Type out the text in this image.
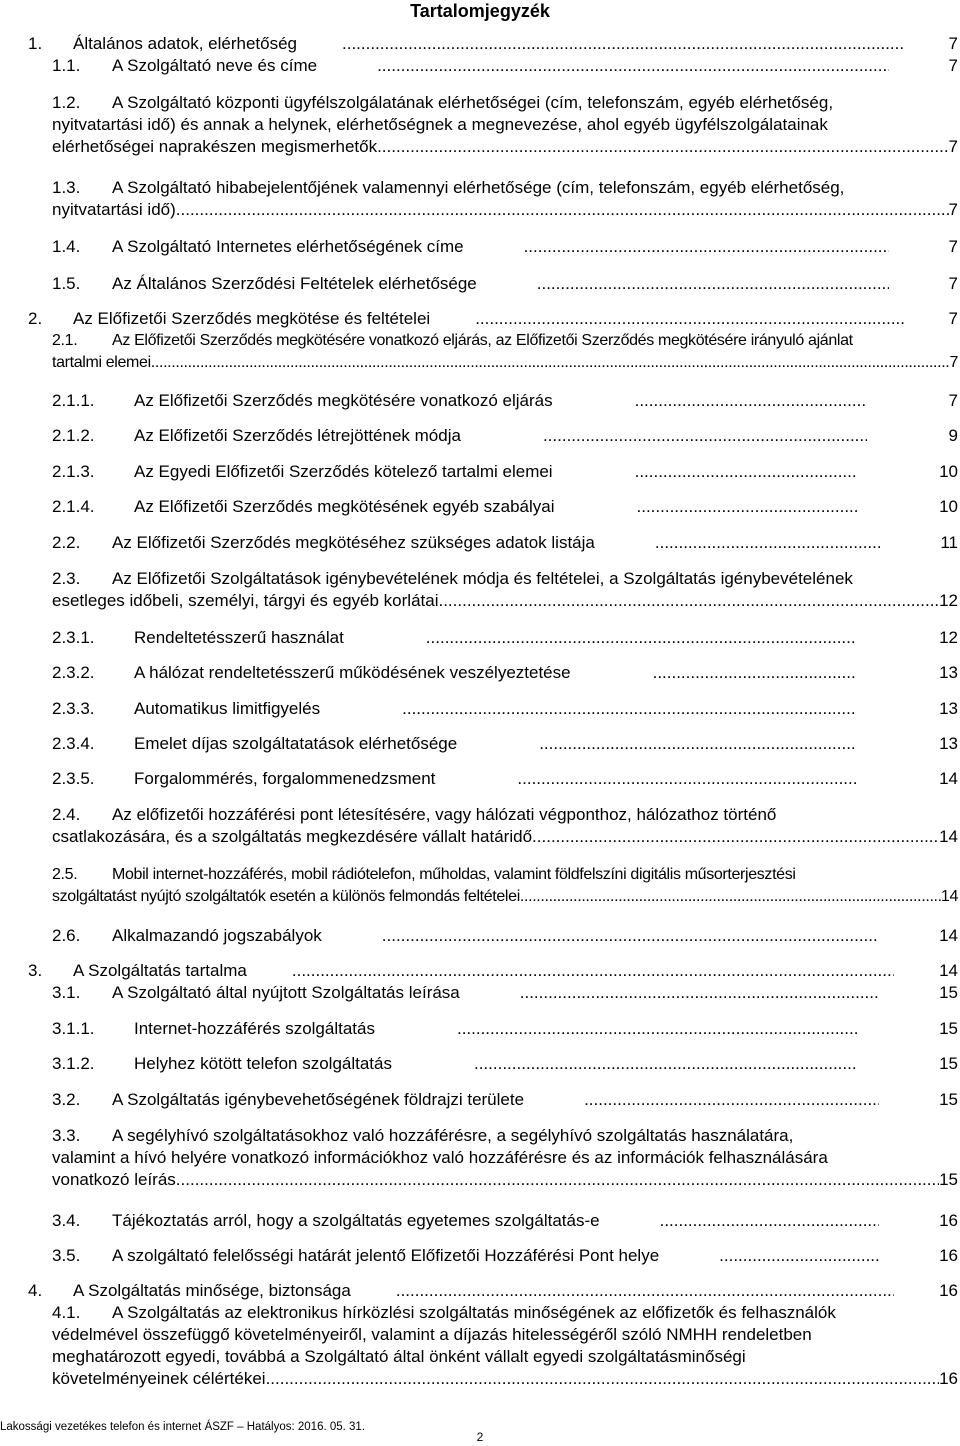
Tartalomjegyzék
1.	Általános adatok, elérhetőség .....	7
1.1.	A Szolgáltató neve és címe .....	7
1.2.	A Szolgáltató központi ügyfélszolgálatának elérhetőségei (cím, telefonszám, egyéb elérhetőség,
nyitvatartási idő) és annak a helynek, elérhetőségnek a megnevezése, ahol egyéb ügyfélszolgálatainak
elérhetőségei naprakészen megismerhetők .....	7
1.3.	A Szolgáltató hibabejelentőjének valamennyi elérhetősége (cím, telefonszám, egyéb elérhetőség,
nyitvatartási idő) .....	7
1.4.	A Szolgáltató Internetes elérhetőségének címe .....	7
1.5.	Az Általános Szerződési Feltételek elérhetősége .....	7
2.	Az Előfizetői Szerződés megkötése és feltételei .....	7
2.1.	Az Előfizetői Szerződés megkötésére vonatkozó eljárás, az Előfizetői Szerződés megkötésére irányuló ajánlat
tartalmi elemei .....	7
2.1.1.	Az Előfizetői Szerződés megkötésére vonatkozó eljárás .....	7
2.1.2.	Az Előfizetői Szerződés létrejöttének módja .....	9
2.1.3.	Az Egyedi Előfizetői Szerződés kötelező tartalmi elemei .....	10
2.1.4.	Az Előfizetői Szerződés megkötésének egyéb szabályai .....	10
2.2.	Az Előfizetői Szerződés megkötéséhez szükséges adatok listája .....	11
2.3.	Az Előfizetői Szolgáltatások igénybevételének módja és feltételei, a Szolgáltatás igénybevételének
esetleges időbeli, személyi, tárgyi és egyéb korlátai .....	12
2.3.1.	Rendeltetésszerű használat .....	12
2.3.2.	A hálózat rendeltetésszerű működésének veszélyeztetése .....	13
2.3.3.	Automatikus limitfigyelés .....	13
2.3.4.	Emelet díjas szolgáltatatások elérhetősége .....	13
2.3.5.	Forgalommérés, forgalommenedzsment .....	14
2.4.	Az előfizetői hozzáférési pont létesítésére, vagy hálózati végponthoz, hálózathoz történő
csatlakozására, és a szolgáltatás megkezdésére vállalt határidő .....	14
2.5.	Mobil internet-hozzáférés, mobil rádiótelefon, műholdas, valamint földfelszíni digitális műsorterjesztési
szolgáltatást nyújtó szolgáltatók esetén a különös felmondás feltételei .....	14
2.6.	Alkalmazandó jogszabályok .....	14
3.	A Szolgáltatás tartalma .....	14
3.1.	A Szolgáltató által nyújtott Szolgáltatás leírása .....	15
3.1.1.	Internet-hozzáférés szolgáltatás .....	15
3.1.2.	Helyhez kötött telefon szolgáltatás .....	15
3.2.	A Szolgáltatás igénybevehetőségének földrajzi területe .....	15
3.3.	A segélyhívó szolgáltatásokhoz való hozzáférésre, a segélyhívó szolgáltatás használatára,
valamint a hívó helyére vonatkozó információkhoz való hozzáférésre és az információk felhasználására
vonatkozó leírás .....	15
3.4.	Tájékoztatás arról, hogy a szolgáltatás egyetemes szolgáltatás-e .....	16
3.5.	A szolgáltató felelősségi határát jelentő Előfizetői Hozzáférési Pont helye .....	16
4.	A Szolgáltatás minősége, biztonsága .....	16
4.1.	A Szolgáltatás az elektronikus hírközlési szolgáltatás minőségének az előfizetők és felhasználók
védelmével összefüggő követelményeiről, valamint a díjazás hitelességéről szóló NMHH rendeletben
meghatározott egyedi, továbbá a Szolgáltató által önként vállalt egyedi szolgáltatásminőségi
követelményeinek célértékei .....	16
Lakossági vezetékes telefon és internet ÁSZF – Hatályos: 2016. 05. 31.
2
